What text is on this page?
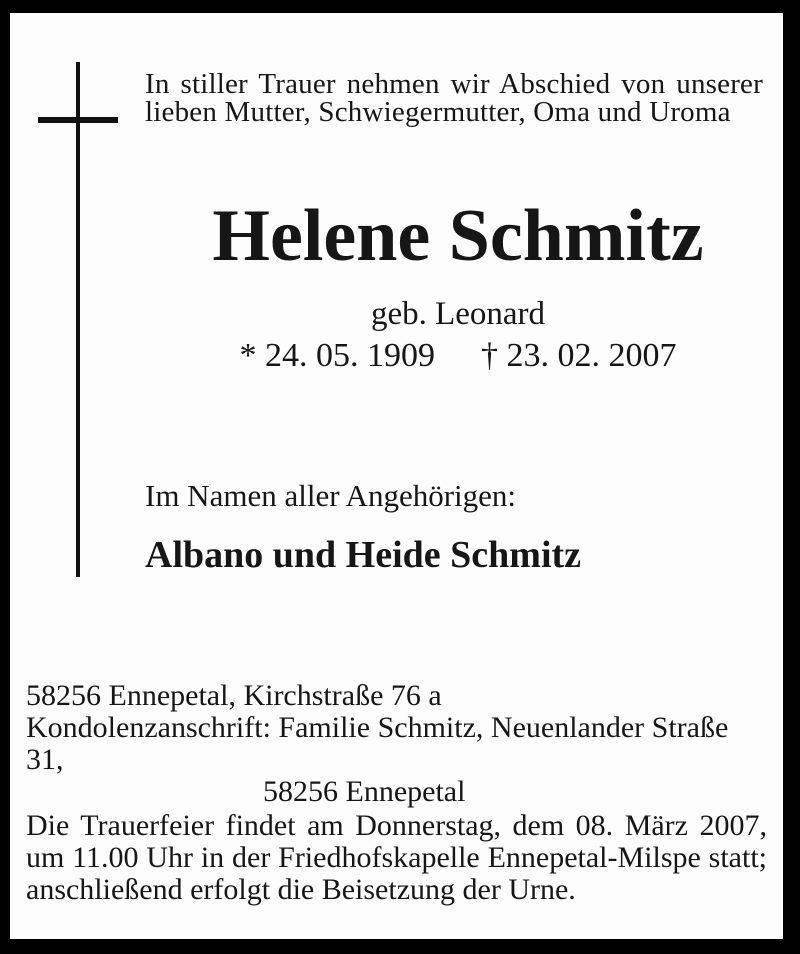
In stiller Trauer nehmen wir Abschied von unserer
lieben Mutter, Schwiegermutter, Oma und Uroma
Helene Schmitz
geb. Leonard
* 24. 05. 1909 † 23. 02. 2007
Im Namen aller Angehörigen:
Albano und Heide Schmitz
58256 Ennepetal, Kirchstraße 76 a
Kondolenzanschrift: Familie Schmitz, Neuenlander Straße 31,
58256 Ennepetal
Die Trauerfeier findet am Donnerstag, dem 08. März 2007,
um 11.00 Uhr in der Friedhofskapelle Ennepetal-Milspe statt;
anschließend erfolgt die Beisetzung der Urne.
